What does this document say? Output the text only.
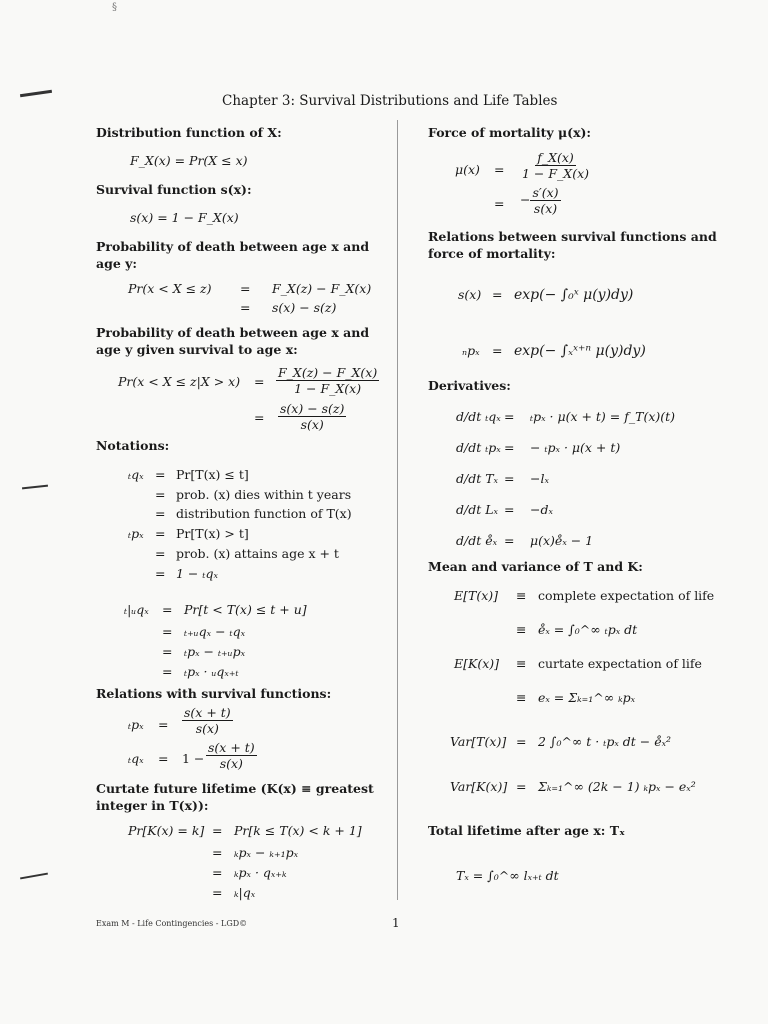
§
Chapter 3: Survival Distributions and Life Tables
Distribution function of X:
F_X(x) = Pr(X ≤ x)
Survival function s(x):
s(x) = 1 − F_X(x)
Probability of death between age x and age y:
Pr(x < X ≤ z) = F_X(z) − F_X(x)
= s(x) − s(z)
Probability of death between age x and age y given survival to age x:
$Pr(x < X \le z|X > x) = \frac{F\_X(z) - F\_X(x)}{1 - F\_X(x)}$
= $\frac{s(x) - s(z)}{s(x)}$
Notations:
ₜqₓ = Pr[T(x) ≤ t]
= prob. (x) dies within t years
= distribution function of T(x)
ₜpₓ = Pr[T(x) > t]
= prob. (x) attains age x + t
= 1 − ₜqₓ
ₜ|ᵤqₓ = Pr[t < T(x) ≤ t + u]
= ₜ₊ᵤqₓ − ₜqₓ
= ₜpₓ − ₜ₊ᵤpₓ
= ₜpₓ · ᵤqₓ₊ₜ
Relations with survival functions:
$_tp_x = \frac{s(x + t)}{s(x)}$
$_tq_x = 1 - \frac{s(x + t)}{s(x)}$
Curtate future lifetime (K(x) ≡ greatest integer in T(x)):
Pr[K(x) = k] = Pr[k ≤ T(x) < k + 1]
= ₖpₓ − ₖ₊₁pₓ
= ₖpₓ · qₓ₊ₖ
= ₖ|qₓ
Force of mortality μ(x):
$\mu(x) = \frac{f\_X(x)}{1 - F\_X(x)}$
= − $\frac{s'(x)}{s(x)}$
Relations between survival functions and force of mortality:
s(x) = exp(− ∫₀ˣ μ(y)dy)
ₙpₓ = exp(− ∫ₓˣ⁺ⁿ μ(y)dy)
Derivatives:
d/dt ₜqₓ = ₜpₓ · μ(x + t) = f_T(x)(t)
d/dt ₜpₓ = − ₜpₓ · μ(x + t)
d/dt Tₓ = −lₓ
d/dt Lₓ = −dₓ
d/dt e̊ₓ = μ(x)e̊ₓ − 1
Mean and variance of T and K:
E[T(x)] ≡ complete expectation of life
≡ e̊ₓ = ∫₀^∞ ₜpₓ dt
E[K(x)] ≡ curtate expectation of life
≡ eₓ = Σₖ₌₁^∞ ₖpₓ
Var[T(x)] = 2 ∫₀^∞ t · ₜpₓ dt − e̊ₓ²
Var[K(x)] = Σₖ₌₁^∞ (2k − 1) ₖpₓ − eₓ²
Total lifetime after age x: Tₓ
Tₓ = ∫₀^∞ lₓ₊ₜ dt
Exam M - Life Contingencies - LGD©	1
